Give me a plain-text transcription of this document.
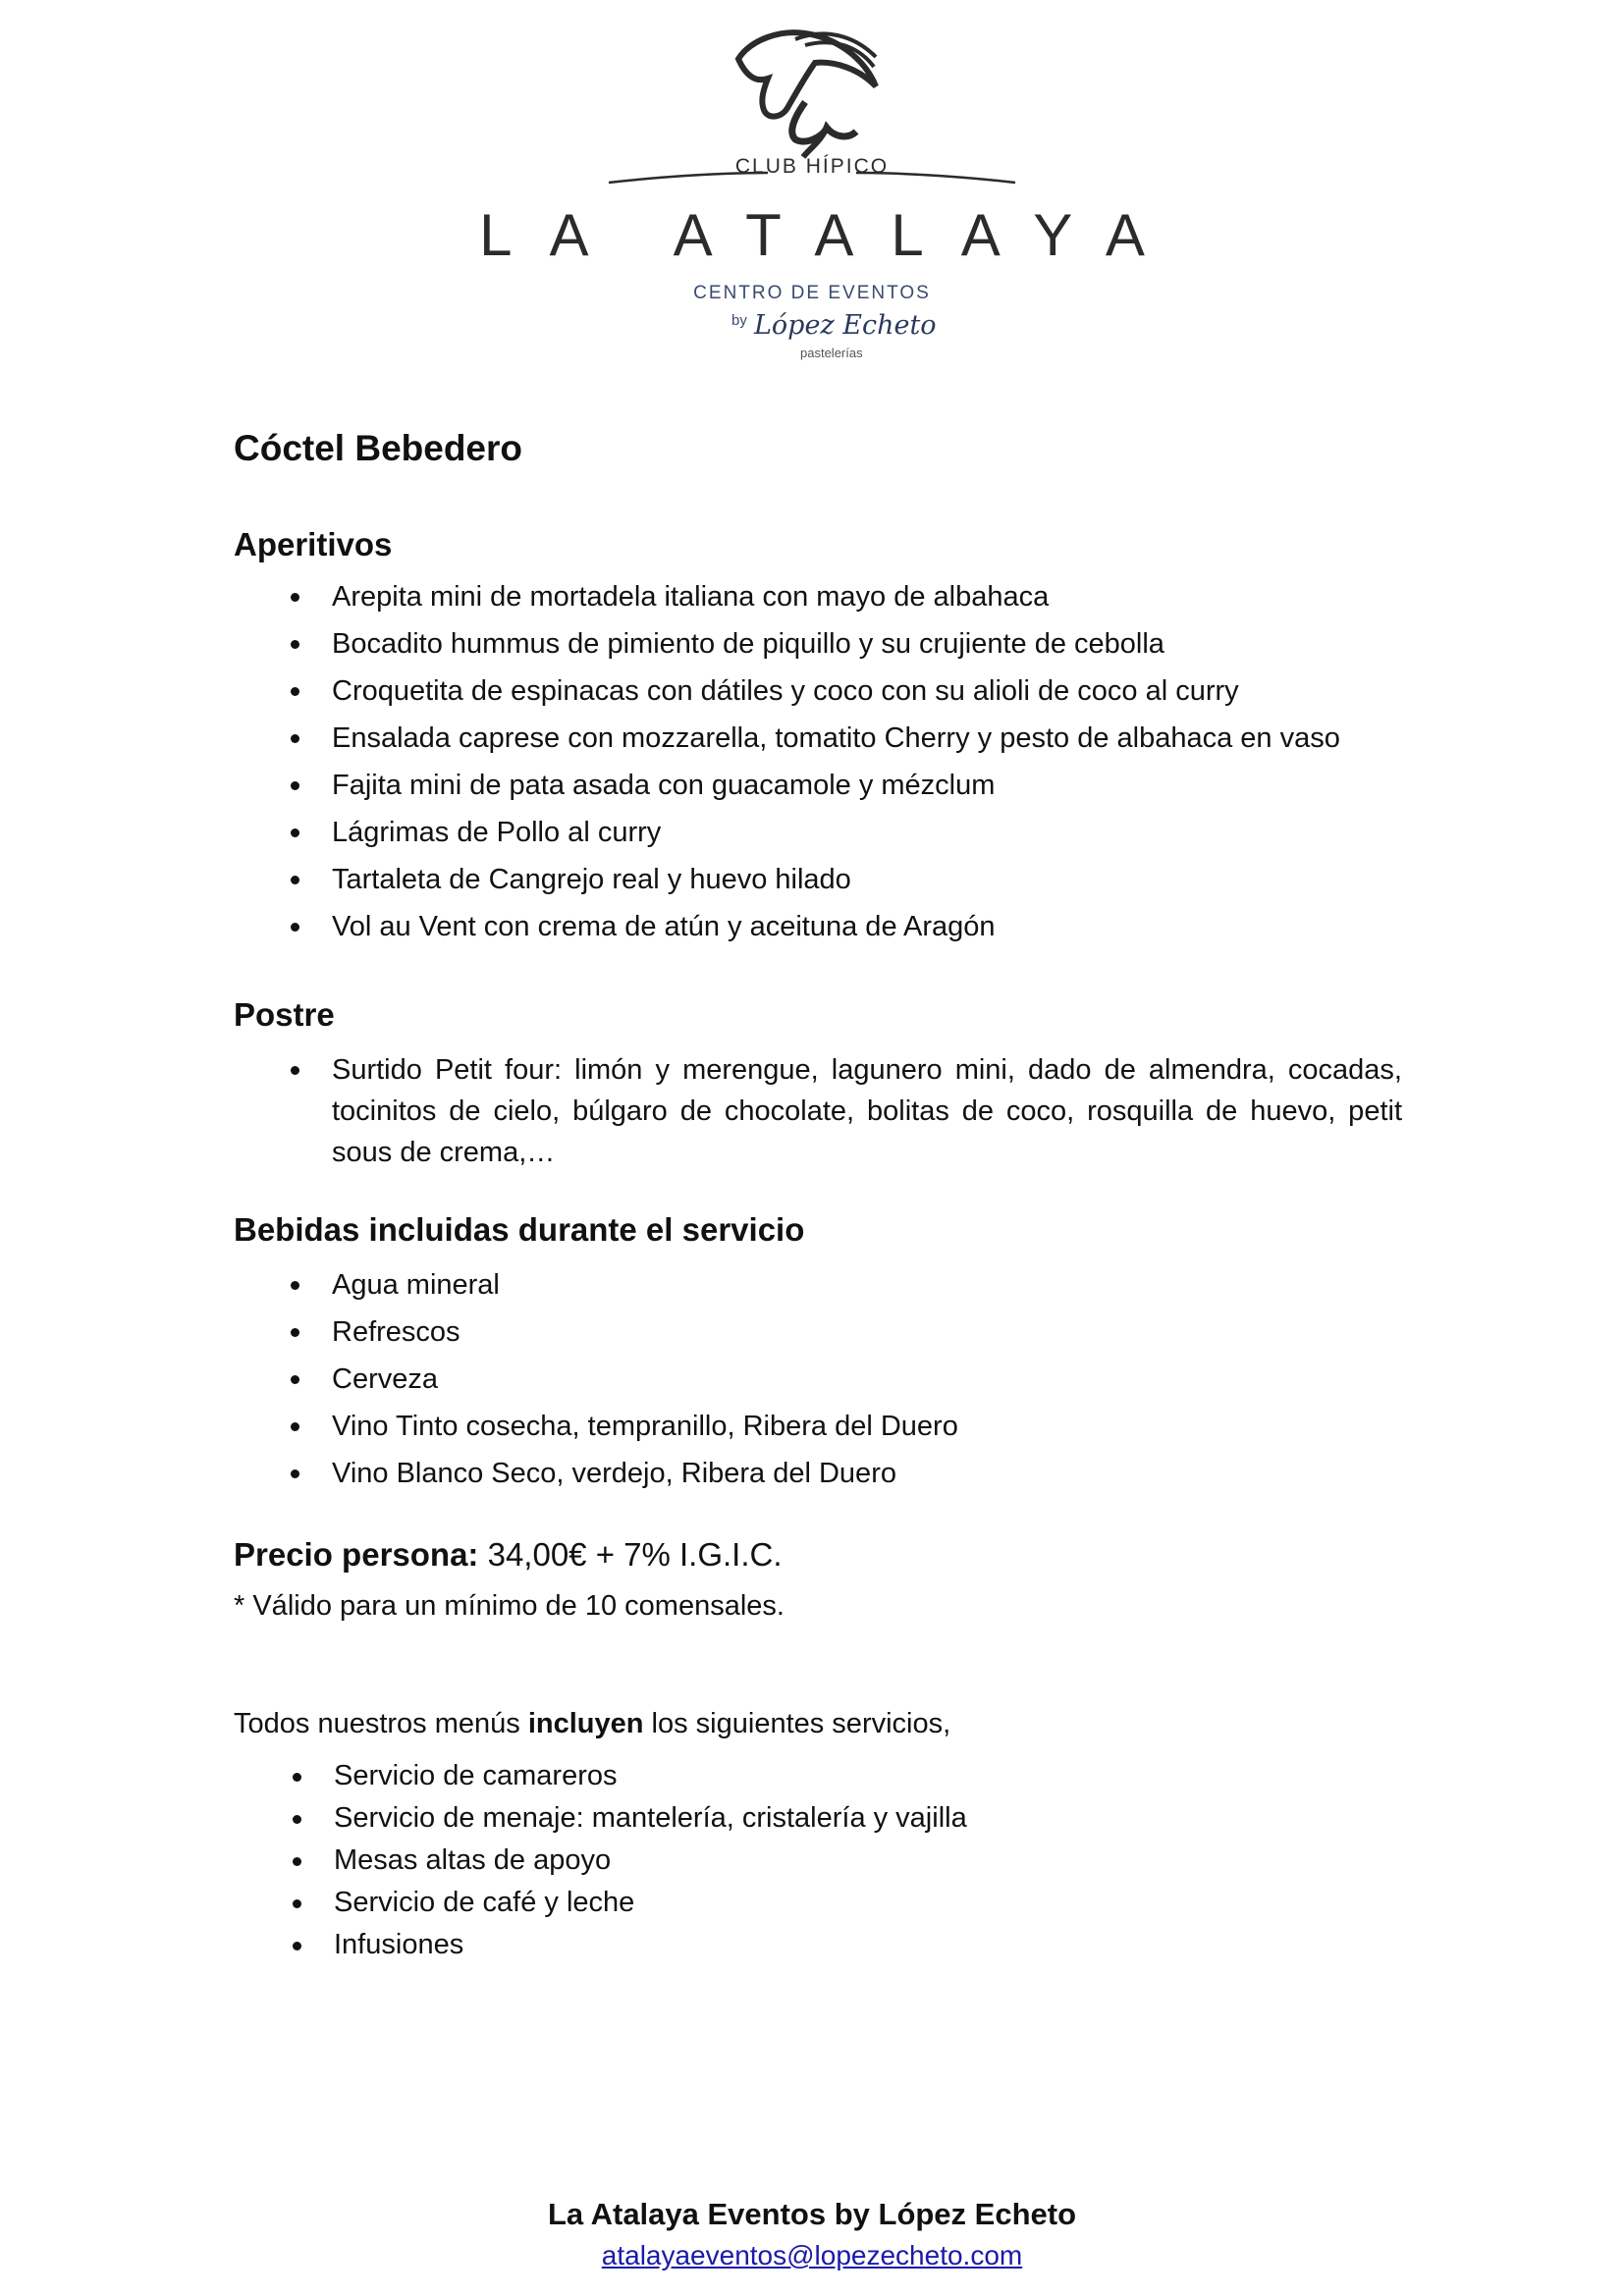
CLUB HÍPICO
LA ATALAYA
CENTRO DE EVENTOS
by López Echeto
pastelerías
Cóctel Bebedero
Aperitivos
Arepita mini de mortadela italiana con mayo de albahaca
Bocadito hummus de pimiento de piquillo y su crujiente de cebolla
Croquetita de espinacas con dátiles y coco con su alioli de coco al curry
Ensalada caprese con mozzarella, tomatito Cherry y pesto de albahaca en vaso
Fajita mini de pata asada con guacamole y mézclum
Lágrimas de Pollo al curry
Tartaleta de Cangrejo real y huevo hilado
Vol au Vent con crema de atún y aceituna de Aragón
Postre
Surtido Petit four: limón y merengue, lagunero mini, dado de almendra, cocadas, tocinitos de cielo, búlgaro de chocolate, bolitas de coco, rosquilla de huevo, petit sous de crema,…
Bebidas incluidas durante el servicio
Agua mineral
Refrescos
Cerveza
Vino Tinto cosecha, tempranillo, Ribera del Duero
Vino Blanco Seco, verdejo, Ribera del Duero
Precio persona: 34,00€ + 7% I.G.I.C.
* Válido para un mínimo de 10 comensales.
Todos nuestros menús incluyen los siguientes servicios,
Servicio de camareros
Servicio de menaje: mantelería, cristalería y vajilla
Mesas altas de apoyo
Servicio de café y leche
Infusiones
La Atalaya Eventos by López Echeto
atalayaeventos@lopezecheto.com
